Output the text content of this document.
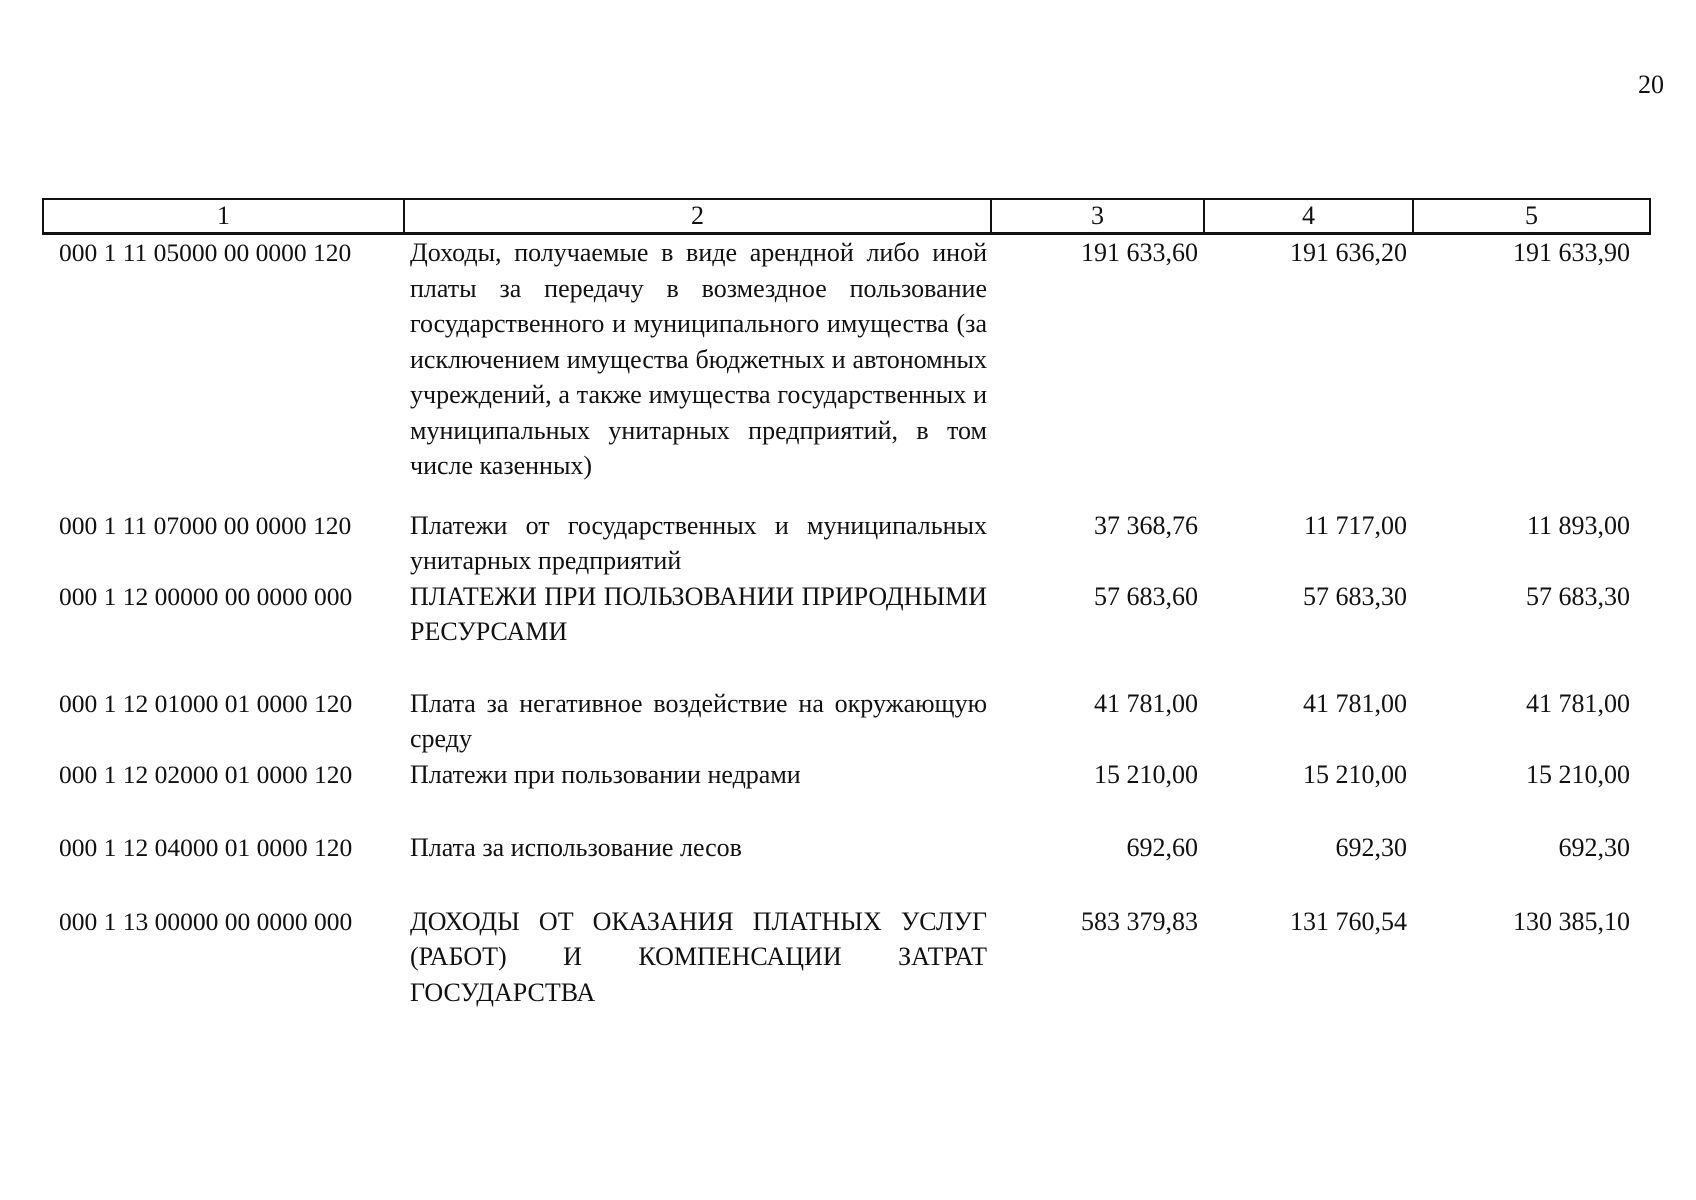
20
1	2	3	4	5
000 1 11 05000 00 0000 120	Доходы, получаемые в виде арендной либо иной платы за передачу в возмездное пользование государственного и муниципального имущества (за исключением имущества бюджетных и автономных учреждений, а также имущества государственных и муниципальных унитарных предприятий, в том числе казенных)	191 633,60	191 636,20	191 633,90
000 1 11 07000 00 0000 120	Платежи от государственных и муниципальных унитарных предприятий	37 368,76	11 717,00	11 893,00
000 1 12 00000 00 0000 000	ПЛАТЕЖИ ПРИ ПОЛЬЗОВАНИИ ПРИРОДНЫМИ РЕСУРСАМИ	57 683,60	57 683,30	57 683,30
000 1 12 01000 01 0000 120	Плата за негативное воздействие на окружающую среду	41 781,00	41 781,00	41 781,00
000 1 12 02000 01 0000 120	Платежи при пользовании недрами	15 210,00	15 210,00	15 210,00
000 1 12 04000 01 0000 120	Плата за использование лесов	692,60	692,30	692,30
000 1 13 00000 00 0000 000	ДОХОДЫ ОТ ОКАЗАНИЯ ПЛАТНЫХ УСЛУГ (РАБОТ) И КОМПЕНСАЦИИ ЗАТРАТ ГОСУДАРСТВА	583 379,83	131 760,54	130 385,10
